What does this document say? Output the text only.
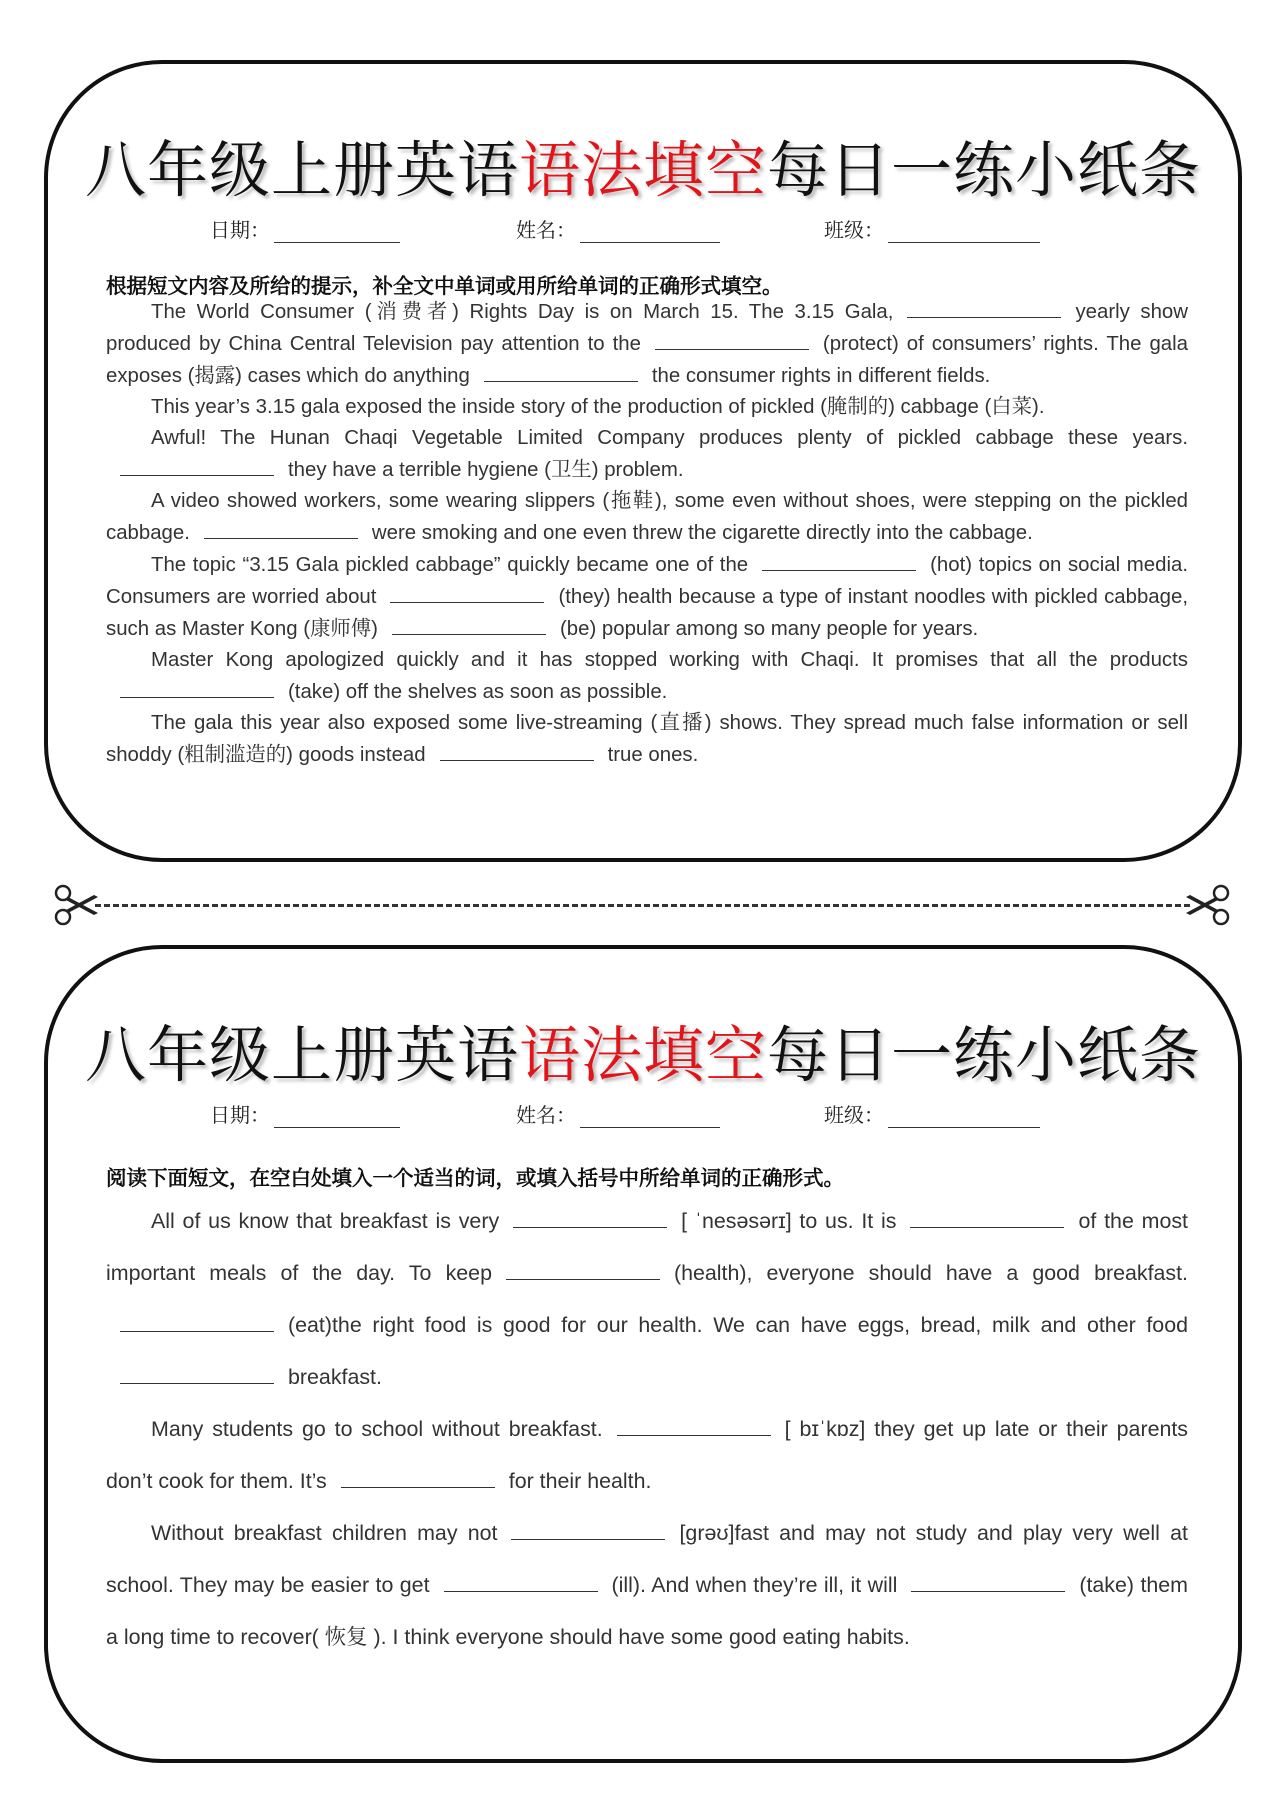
八年级上册英语语法填空每日一练小纸条
日期：	姓名：	班级：
根据短文内容及所给的提示，补全文中单词或用所给单词的正确形式填空。

The World Consumer (消费者) Rights Day is on March 15. The 3.15 Gala,	yearly show produced by China Central Television pay attention to the	(protect) of consumers’ rights. The gala exposes (揭露) cases which do anything	the consumer rights in different fields.

This year’s 3.15 gala exposed the inside story of the production of pickled (腌制的) cabbage (白菜).

Awful! The Hunan Chaqi Vegetable Limited Company produces plenty of pickled cabbage these years.they have a terrible hygiene (卫生) problem.

A video showed workers, some wearing slippers (拖鞋), some even without shoes, were stepping on the pickled cabbage.	were smoking and one even threw the cigarette directly into the cabbage.

The topic “3.15 Gala pickled cabbage” quickly became one of the	(hot) topics on social media. Consumers are worried about	(they) health because a type of instant noodles with pickled cabbage, such as Master Kong (康师傅)	(be) popular among so many people for years.

Master Kong apologized quickly and it has stopped working with Chaqi. It promises that all the products(take) off the shelves as soon as possible.

The gala this year also exposed some live-streaming (直播) shows. They spread much false information or sell shoddy (粗制滥造的) goods instead	true ones.

八年级上册英语语法填空每日一练小纸条
日期：	姓名：	班级：
阅读下面短文，在空白处填入一个适当的词，或填入括号中所给单词的正确形式。

All of us know that breakfast is very	[ ˈnesəsərɪ] to us. It is	of the most important meals of the day. To keep	(health), everyone should have a good breakfast.(eat)the right food is good for our health. We can have eggs, bread, milk and other foodbreakfast.

Many students go to school without breakfast.	[ bɪˈkɒz] they get up late or their parents don’t cook for them. It’s	for their health.

Without breakfast children may not	[ɡrəʊ]fast and may not study and play very well at school. They may be easier to get	(ill). And when they’re ill, it will	(take) them a long time to recover( 恢复 ). I think everyone should have some good eating habits.
